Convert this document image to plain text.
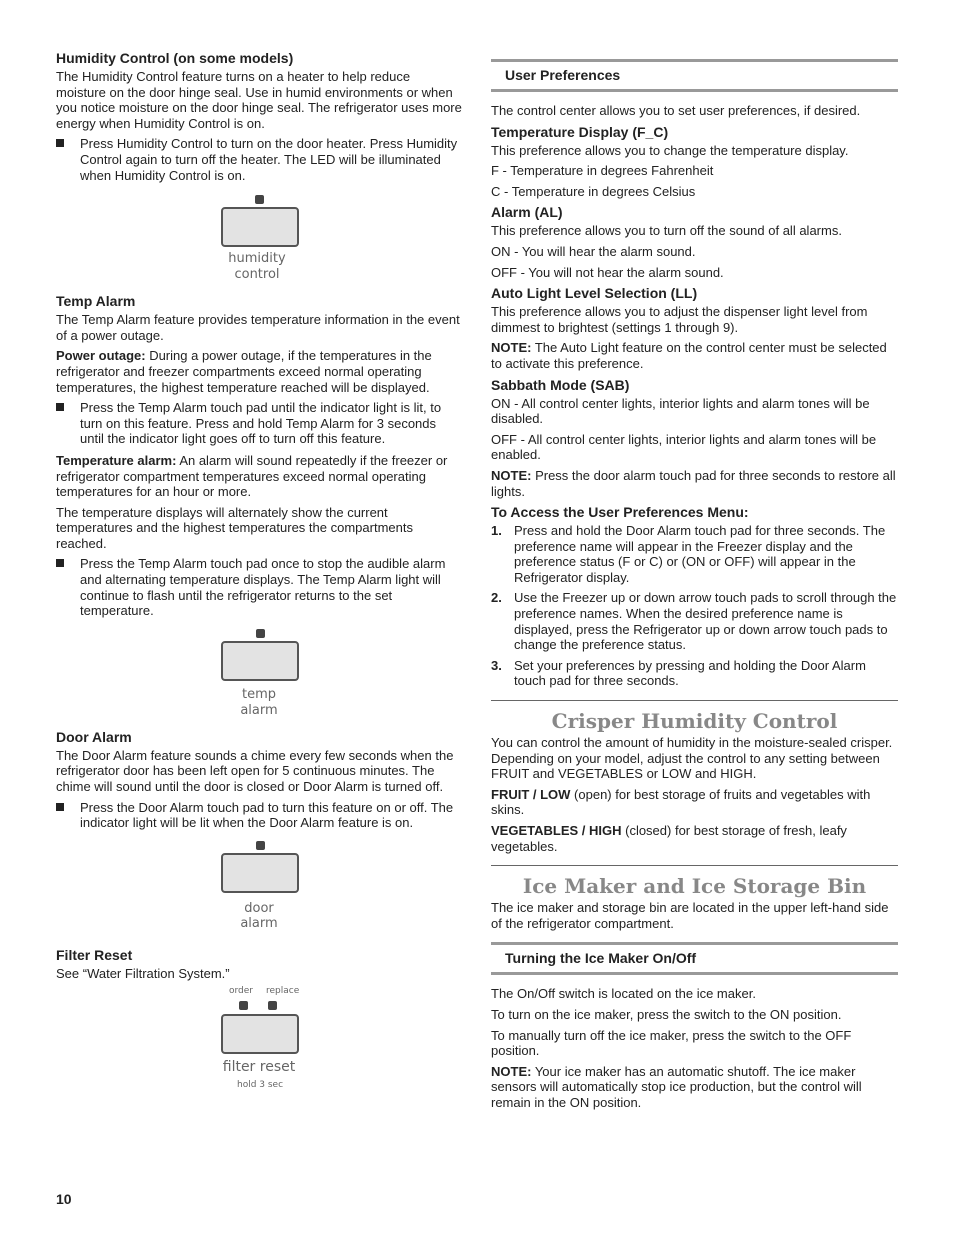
Humidity Control (on some models)

The Humidity Control feature turns on a heater to help reduce moisture on the door hinge seal. Use in humid environments or when you notice moisture on the door hinge seal. The refrigerator uses more energy when Humidity Control is on.

Press Humidity Control to turn on the door heater. Press Humidity Control again to turn off the heater. The LED will be illuminated when Humidity Control is on.

humidity
control
Temp Alarm

The Temp Alarm feature provides temperature information in the event of a power outage.

Power outage: During a power outage, if the temperatures in the refrigerator and freezer compartments exceed normal operating temperatures, the highest temperature reached will be displayed.

Press the Temp Alarm touch pad until the indicator light is lit, to turn on this feature. Press and hold Temp Alarm for 3 seconds until the indicator light goes off to turn off this feature.

Temperature alarm: An alarm will sound repeatedly if the freezer or refrigerator compartment temperatures exceed normal operating temperatures for an hour or more.

The temperature displays will alternately show the current temperatures and the highest temperatures the compartments reached.

Press the Temp Alarm touch pad once to stop the audible alarm and alternating temperature displays. The Temp Alarm light will continue to flash until the refrigerator returns to the set temperature.

temp
alarm
Door Alarm

The Door Alarm feature sounds a chime every few seconds when the refrigerator door has been left open for 5 continuous minutes. The chime will sound until the door is closed or Door Alarm is turned off.

Press the Door Alarm touch pad to turn this feature on or off. The indicator light will be lit when the Door Alarm feature is on.

door
alarm
Filter Reset

See “Water Filtration System.”

order replace
filter reset
hold 3 sec
User Preferences

The control center allows you to set user preferences, if desired.

Temperature Display (F_C)

This preference allows you to change the temperature display.

F - Temperature in degrees Fahrenheit

C - Temperature in degrees Celsius

Alarm (AL)

This preference allows you to turn off the sound of all alarms.

ON - You will hear the alarm sound.

OFF - You will not hear the alarm sound.

Auto Light Level Selection (LL)

This preference allows you to adjust the dispenser light level from dimmest to brightest (settings 1 through 9).

NOTE: The Auto Light feature on the control center must be selected to activate this preference.

Sabbath Mode (SAB)

ON - All control center lights, interior lights and alarm tones will be disabled.

OFF - All control center lights, interior lights and alarm tones will be enabled.

NOTE: Press the door alarm touch pad for three seconds to restore all lights.

To Access the User Preferences Menu:

1. Press and hold the Door Alarm touch pad for three seconds. The preference name will appear in the Freezer display and the preference status (F or C) or (ON or OFF) will appear in the Refrigerator display.

2. Use the Freezer up or down arrow touch pads to scroll through the preference names. When the desired preference name is displayed, press the Refrigerator up or down arrow touch pads to change the preference status.

3. Set your preferences by pressing and holding the Door Alarm touch pad for three seconds.

Crisper Humidity Control

You can control the amount of humidity in the moisture-sealed crisper. Depending on your model, adjust the control to any setting between FRUIT and VEGETABLES or LOW and HIGH.

FRUIT / LOW (open) for best storage of fruits and vegetables with skins.

VEGETABLES / HIGH (closed) for best storage of fresh, leafy vegetables.

Ice Maker and Ice Storage Bin

The ice maker and storage bin are located in the upper left-hand side of the refrigerator compartment.

Turning the Ice Maker On/Off

The On/Off switch is located on the ice maker.

To turn on the ice maker, press the switch to the ON position.

To manually turn off the ice maker, press the switch to the OFF position.

NOTE: Your ice maker has an automatic shutoff. The ice maker sensors will automatically stop ice production, but the control will remain in the ON position.

10
